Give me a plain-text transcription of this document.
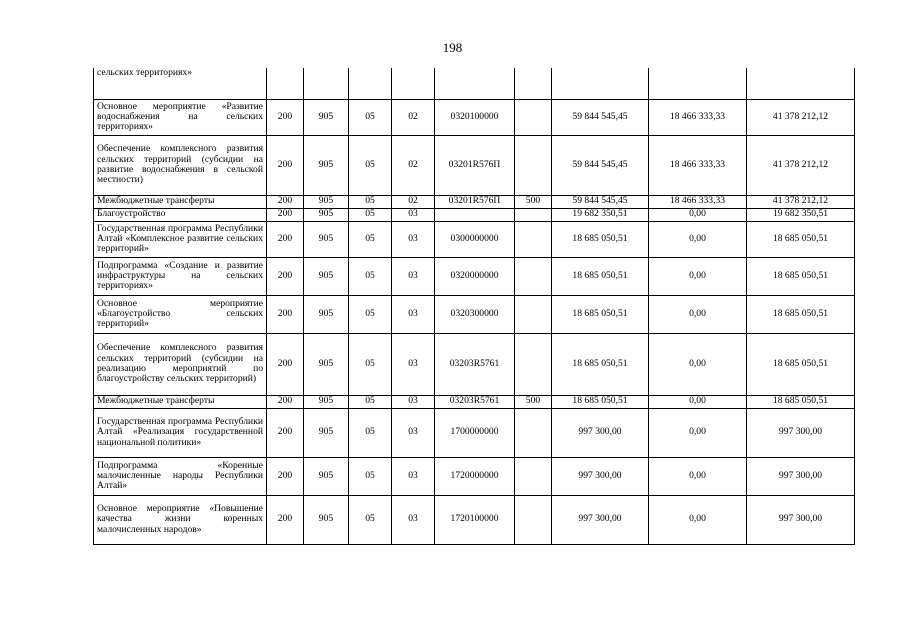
198
сельских территориях»									
Основное мероприятие «Развитие водоснабжения на сельских территориях»	200	905	05	02	0320100000		59 844 545,45	18 466 333,33	41 378 212,12
Обеспечение комплексного развития сельских территорий (субсидии на развитие водоснабжения в сельской местности)	200	905	05	02	03201R576П		59 844 545,45	18 466 333,33	41 378 212,12
Межбюджетные трансферты	200	905	05	02	03201R576П	500	59 844 545,45	18 466 333,33	41 378 212,12
Благоустройство	200	905	05	03			19 682 350,51	0,00	19 682 350,51
Государственная программа Республики Алтай «Комплексное развитие сельских территорий»	200	905	05	03	0300000000		18 685 050,51	0,00	18 685 050,51
Подпрограмма «Создание и развитие инфраструктуры на сельских территориях»	200	905	05	03	0320000000		18 685 050,51	0,00	18 685 050,51
Основное мероприятие «Благоустройство сельских территорий»	200	905	05	03	0320300000		18 685 050,51	0,00	18 685 050,51
Обеспечение комплексного развития сельских территорий (субсидии на реализацию мероприятий по благоустройству сельских территорий)	200	905	05	03	03203R5761		18 685 050,51	0,00	18 685 050,51
Межбюджетные трансферты	200	905	05	03	03203R5761	500	18 685 050,51	0,00	18 685 050,51
Государственная программа Республики Алтай «Реализация государственной национальной политики»	200	905	05	03	1700000000		997 300,00	0,00	997 300,00
Подпрограмма «Коренные малочисленные народы Республики Алтай»	200	905	05	03	1720000000		997 300,00	0,00	997 300,00
Основное мероприятие «Повышение качества жизни коренных малочисленных народов»	200	905	05	03	1720100000		997 300,00	0,00	997 300,00
